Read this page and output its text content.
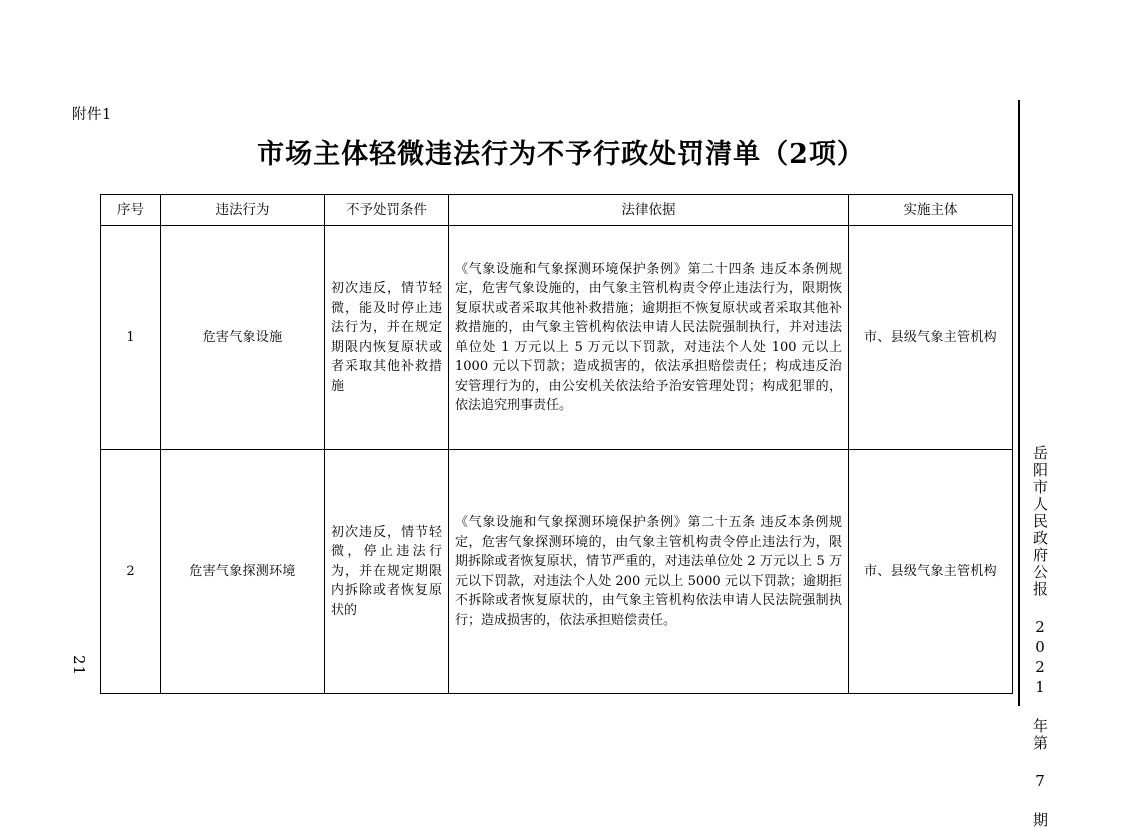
附件1
市场主体轻微违法行为不予行政处罚清单（2项）
序号	违法行为	不予处罚条件	法律依据	实施主体
1	危害气象设施	初次违反，情节轻微，能及时停止违法行为，并在规定期限内恢复原状或者采取其他补救措施	《气象设施和气象探测环境保护条例》第二十四条 违反本条例规定，危害气象设施的，由气象主管机构责令停止违法行为，限期恢复原状或者采取其他补救措施；逾期拒不恢复原状或者采取其他补救措施的，由气象主管机构依法申请人民法院强制执行，并对违法单位处 1 万元以上 5 万元以下罚款，对违法个人处 100 元以上 1000 元以下罚款；造成损害的，依法承担赔偿责任；构成违反治安管理行为的，由公安机关依法给予治安管理处罚；构成犯罪的，依法追究刑事责任。	市、县级气象主管机构
2	危害气象探测环境	初次违反，情节轻微，停止违法行为，并在规定期限内拆除或者恢复原状的	《气象设施和气象探测环境保护条例》第二十五条 违反本条例规定，危害气象探测环境的，由气象主管机构责令停止违法行为，限期拆除或者恢复原状，情节严重的，对违法单位处 2 万元以上 5 万元以下罚款，对违法个人处 200 元以上 5000 元以下罚款；逾期拒不拆除或者恢复原状的，由气象主管机构依法申请人民法院强制执行；造成损害的，依法承担赔偿责任。	市、县级气象主管机构 岳阳市人民政府公报 2021 年第 7 期
21
